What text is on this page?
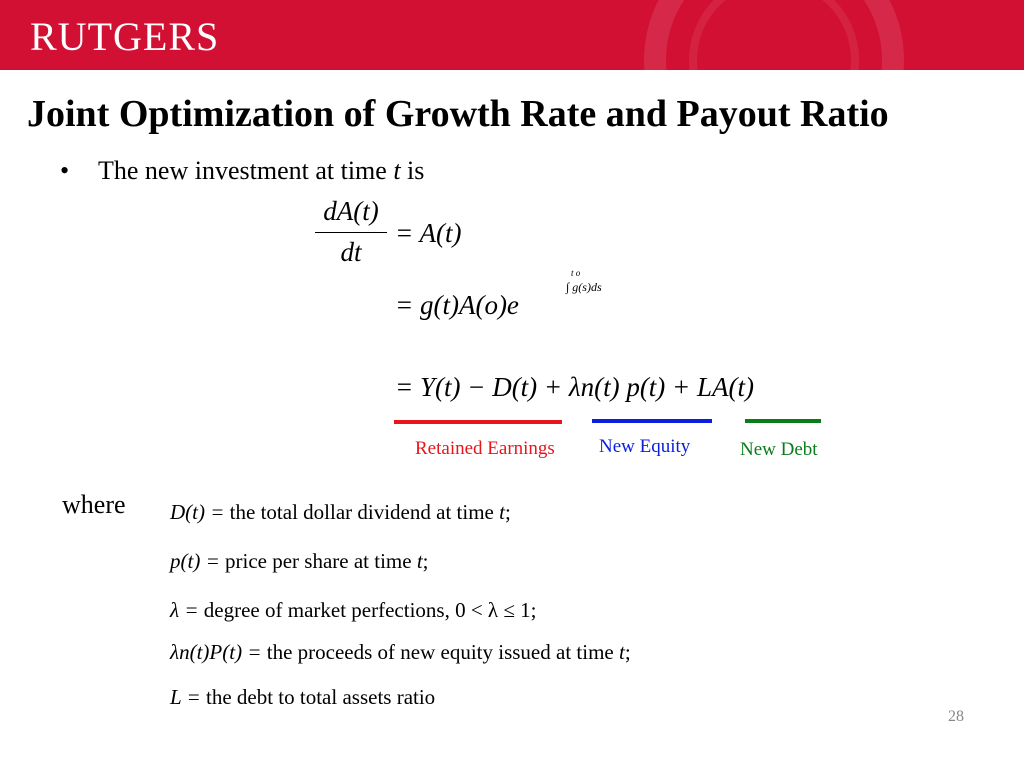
RUTGERS
Joint Optimization of Growth Rate and Payout Ratio
• The new investment at time t is
dA(t)
dt
= A(t)
= g(t)A(o)e
∫ g(s)ds
t o
= Y(t) − D(t) + λn(t) p(t) + LA(t)
Retained Earnings New Equity	New Debt
where D(t) = the total dollar dividend at time t;
p(t) = price per share at time t;
λ = degree of market perfections, 0 < λ ≤ 1;
λn(t)P(t) = the proceeds of new equity issued at time t;
L = the debt to total assets ratio
28
